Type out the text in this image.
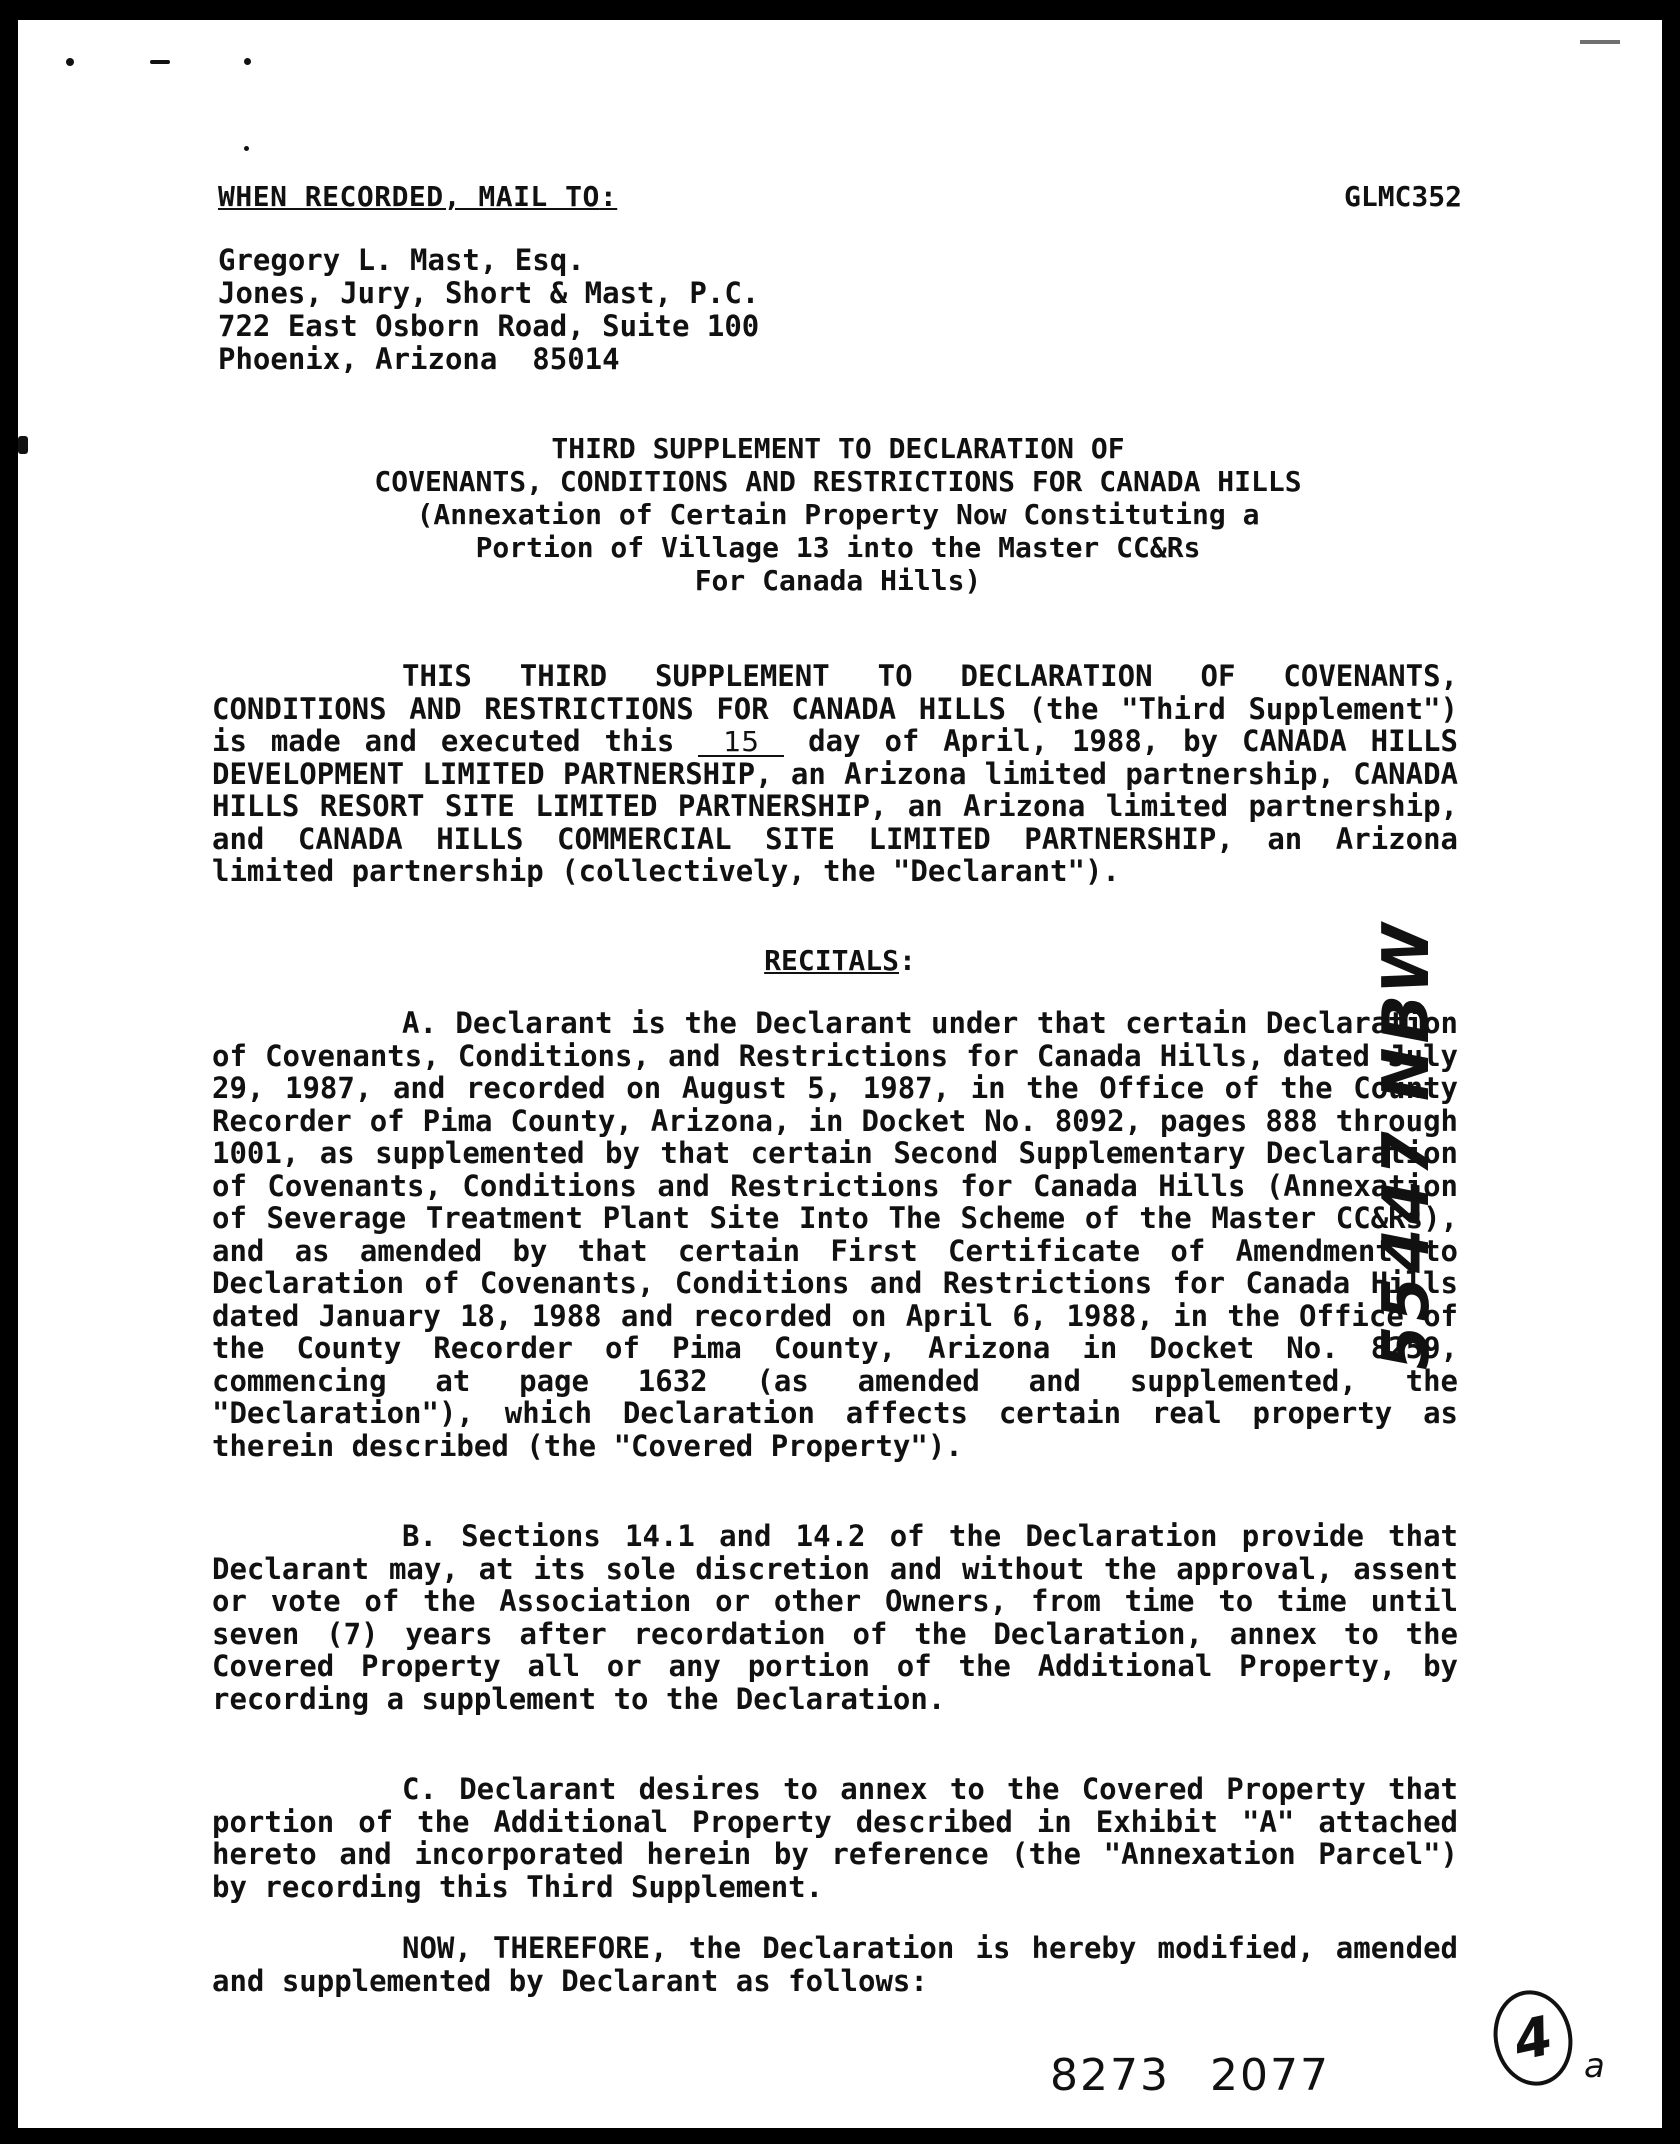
WHEN RECORDED, MAIL TO:	GLMC352
Gregory L. Mast, Esq.
Jones, Jury, Short & Mast, P.C.
722 East Osborn Road, Suite 100
Phoenix, Arizona  85014
THIRD SUPPLEMENT TO DECLARATION OF
COVENANTS, CONDITIONS AND RESTRICTIONS FOR CANADA HILLS
(Annexation of Certain Property Now Constituting a
Portion of Village 13 into the Master CC&Rs
For Canada Hills)
THIS THIRD SUPPLEMENT TO DECLARATION OF COVENANTS, CONDITIONS AND RESTRICTIONS FOR CANADA HILLS (the "Third Supplement") is made and executed this 15 day of April, 1988, by CANADA HILLS DEVELOPMENT LIMITED PARTNERSHIP, an Arizona limited partnership, CANADA HILLS RESORT SITE LIMITED PARTNERSHIP, an Arizona limited partnership, and CANADA HILLS COMMERCIAL SITE LIMITED PARTNERSHIP, an Arizona limited partnership (collectively, the "Declarant").
RECITALS:
A. Declarant is the Declarant under that certain Declaration of Covenants, Conditions, and Restrictions for Canada Hills, dated July 29, 1987, and recorded on August 5, 1987, in the Office of the County Recorder of Pima County, Arizona, in Docket No. 8092, pages 888 through 1001, as supplemented by that certain Second Supplementary Declaration of Covenants, Conditions and Restrictions for Canada Hills (Annexation of Severage Treatment Plant Site Into The Scheme of the Master CC&Rs), and as amended by that certain First Certificate of Amendment to Declaration of Covenants, Conditions and Restrictions for Canada Hills dated January 18, 1988 and recorded on April 6, 1988, in the Office of the County Recorder of Pima County, Arizona in Docket No. 8259, commencing at page 1632 (as amended and supplemented, the "Declaration"), which Declaration affects certain real property as therein described (the "Covered Property").
B. Sections 14.1 and 14.2 of the Declaration provide that Declarant may, at its sole discretion and without the approval, assent or vote of the Association or other Owners, from time to time until seven (7) years after recordation of the Declaration, annex to the Covered Property all or any portion of the Additional Property, by recording a supplement to the Declaration.
C. Declarant desires to annex to the Covered Property that portion of the Additional Property described in Exhibit "A" attached hereto and incorporated herein by reference (the "Annexation Parcel") by recording this Third Supplement.
NOW, THEREFORE, the Declaration is hereby modified, amended and supplemented by Declarant as follows:
55447 NBW
8273 2077
4 a
